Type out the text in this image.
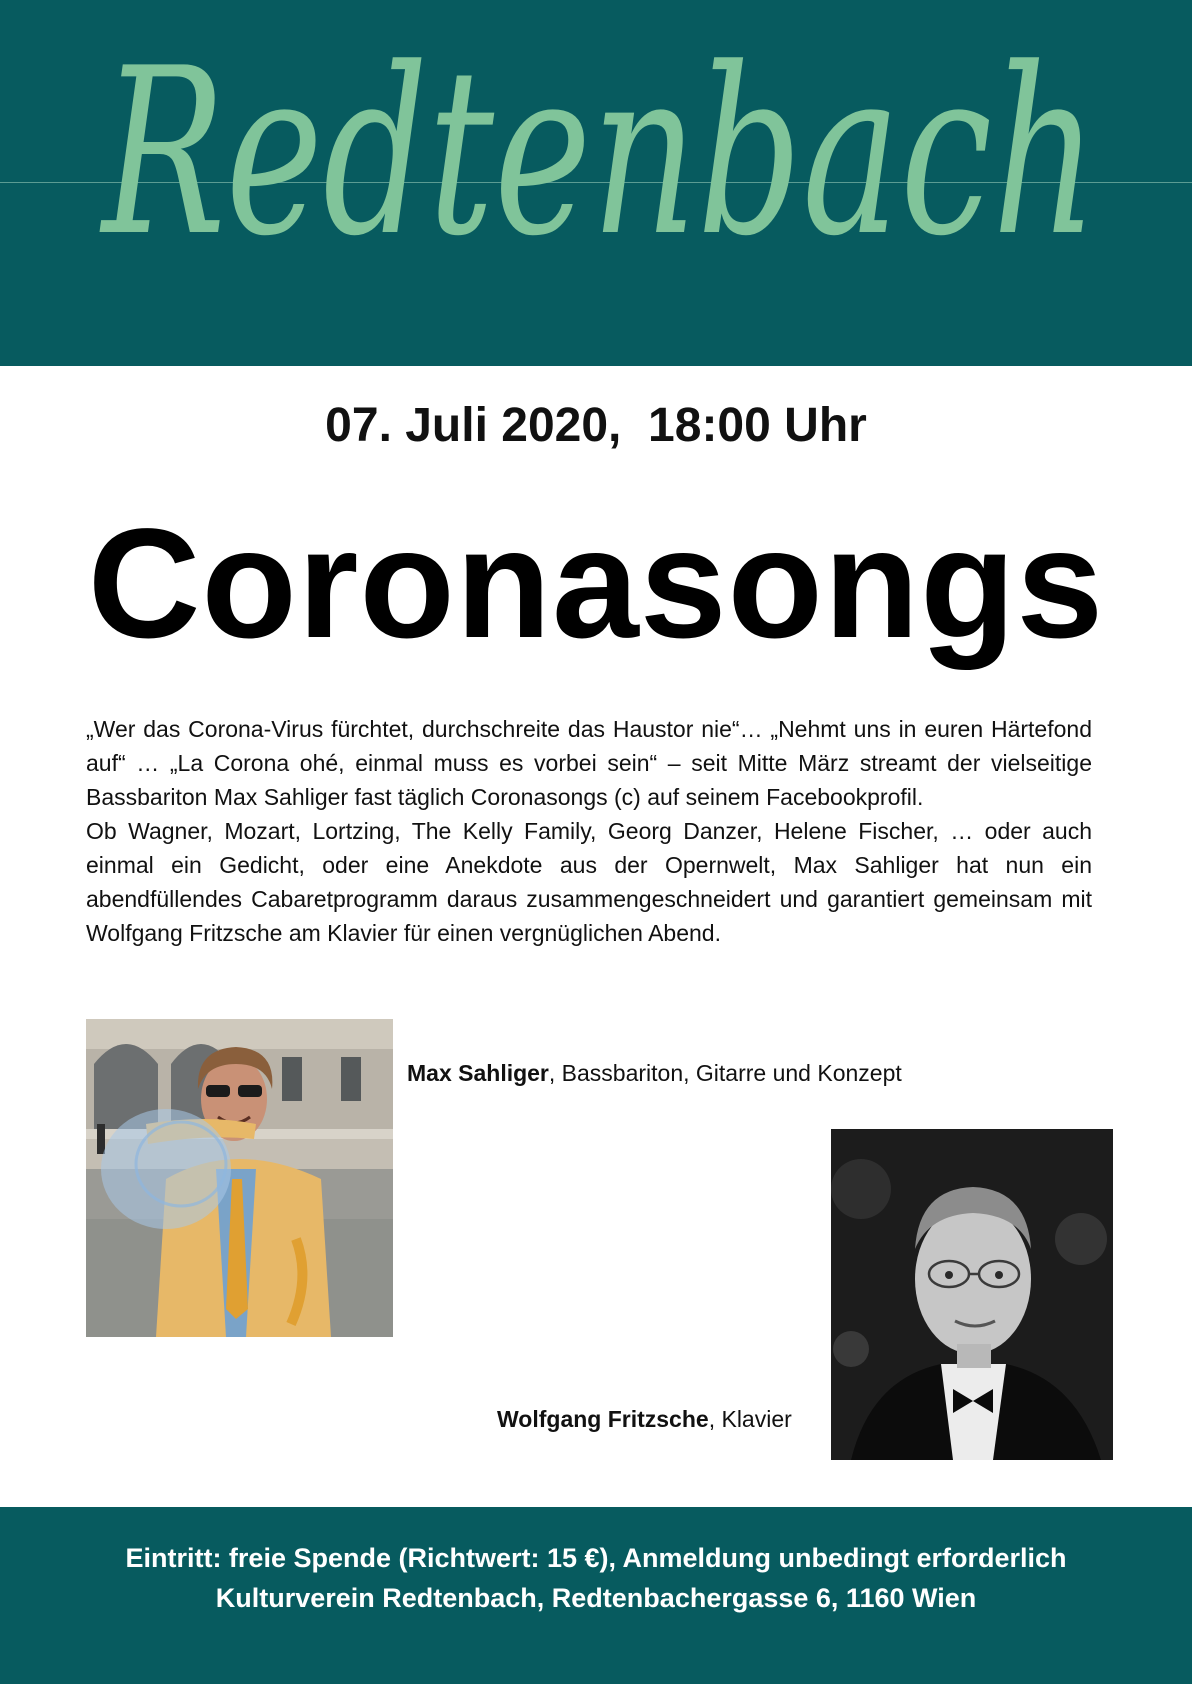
Redtenbach
07. Juli 2020,  18:00 Uhr
Coronasongs

„Wer das Corona-Virus fürchtet, durchschreite das Haustor nie“… „Nehmt uns in euren Härtefond auf“ … „La Corona ohé, einmal muss es vorbei sein“ – seit Mitte März streamt der vielseitige Bassbariton Max Sahliger fast täglich Coronasongs (c) auf seinem Facebookprofil.

Ob Wagner, Mozart, Lortzing, The Kelly Family, Georg Danzer, Helene Fischer, … oder auch einmal ein Gedicht, oder eine Anekdote aus der Opernwelt, Max Sahliger hat nun ein abendfüllendes Cabaretprogramm daraus zusammengeschneidert und garantiert gemeinsam mit Wolfgang Fritzsche am Klavier für einen vergnüglichen Abend.

Max Sahliger, Bassbariton, Gitarre und Konzept
Wolfgang Fritzsche, Klavier
Eintritt: freie Spende (Richtwert: 15 €), Anmeldung unbedingt erforderlich
Kulturverein Redtenbach, Redtenbachergasse 6, 1160 Wien
